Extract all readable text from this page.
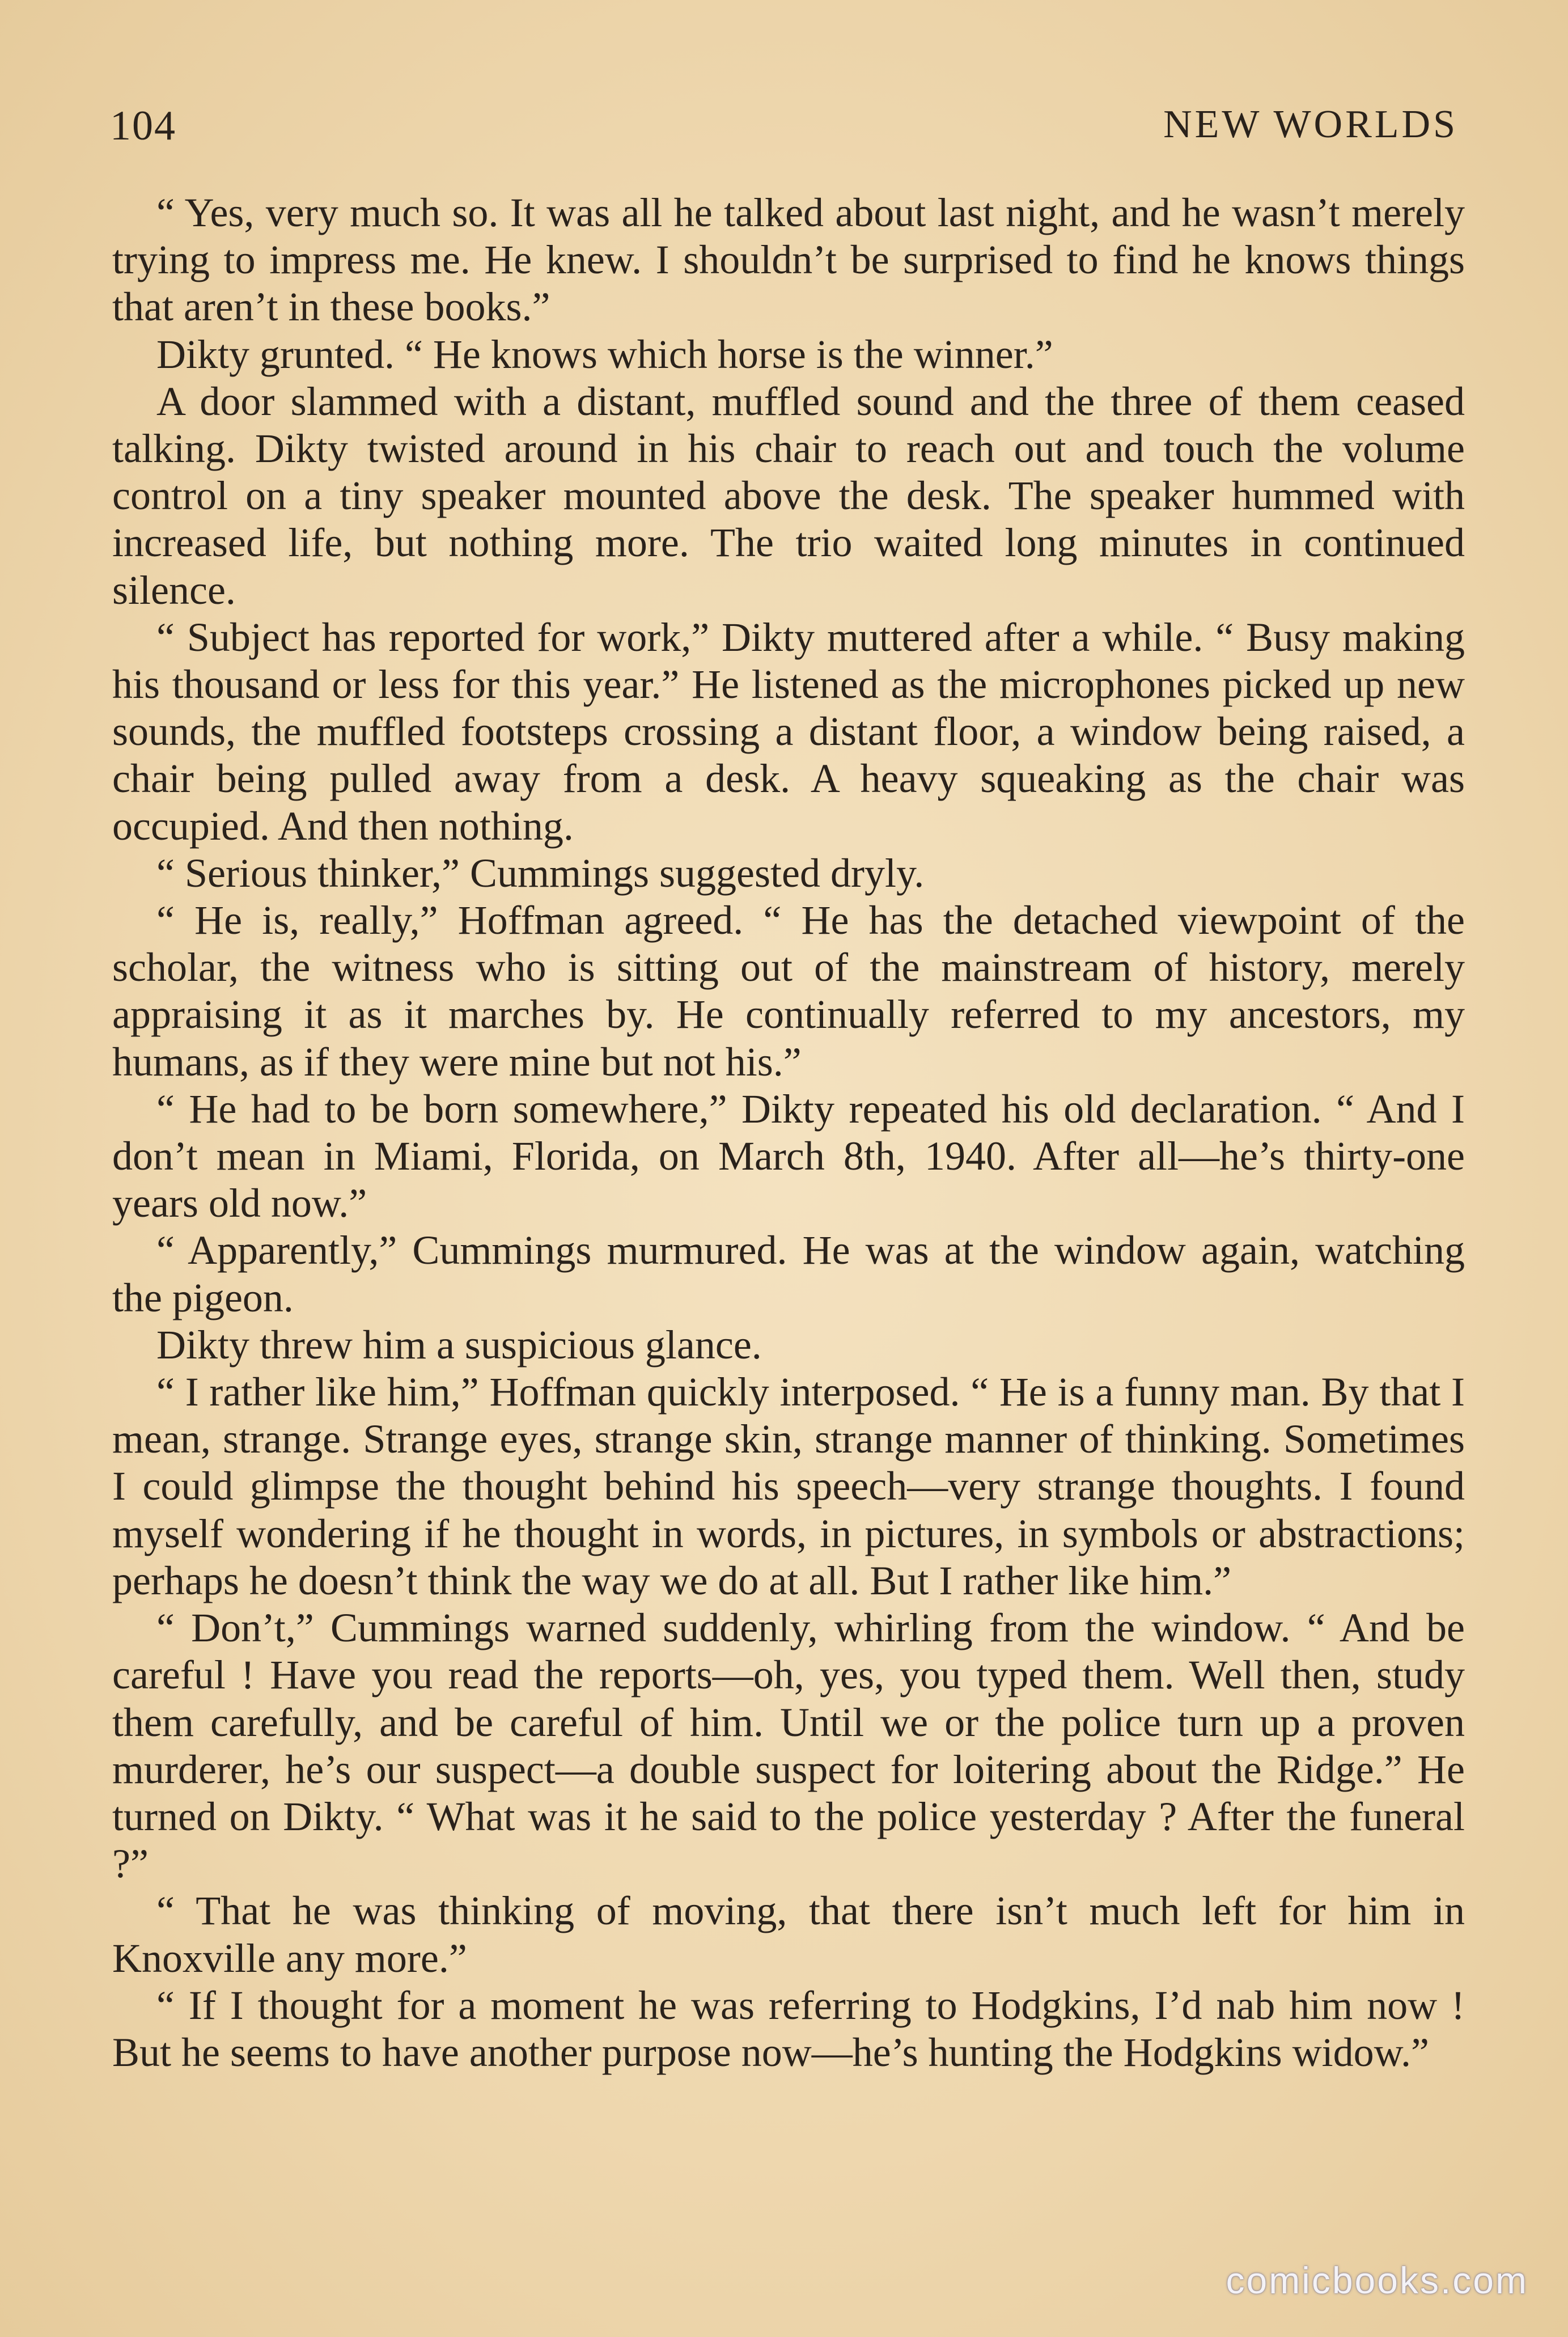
104	NEW WORLDS

“ Yes, very much so. It was all he talked about last night, and he wasn’t merely trying to impress me. He knew. I shouldn’t be surprised to find he knows things that aren’t in these books.”

Dikty grunted. “ He knows which horse is the winner.”

A door slammed with a distant, muffled sound and the three of them ceased talking. Dikty twisted around in his chair to reach out and touch the volume control on a tiny speaker mounted above the desk. The speaker hummed with increased life, but nothing more. The trio waited long minutes in continued silence.

“ Subject has reported for work,” Dikty muttered after a while. “ Busy making his thousand or less for this year.” He listened as the microphones picked up new sounds, the muffled footsteps crossing a distant floor, a window being raised, a chair being pulled away from a desk. A heavy squeaking as the chair was occupied. And then nothing.

“ Serious thinker,” Cummings suggested dryly.

“ He is, really,” Hoffman agreed. “ He has the detached viewpoint of the scholar, the witness who is sitting out of the mainstream of history, merely appraising it as it marches by. He continually referred to my ancestors, my humans, as if they were mine but not his.”

“ He had to be born somewhere,” Dikty repeated his old declaration. “ And I don’t mean in Miami, Florida, on March 8th, 1940. After all—he’s thirty-one years old now.”

“ Apparently,” Cummings murmured. He was at the window again, watching the pigeon.

Dikty threw him a suspicious glance.

“ I rather like him,” Hoffman quickly interposed. “ He is a funny man. By that I mean, strange. Strange eyes, strange skin, strange manner of thinking. Sometimes I could glimpse the thought behind his speech—very strange thoughts. I found myself wondering if he thought in words, in pictures, in symbols or abstractions; perhaps he doesn’t think the way we do at all. But I rather like him.”

“ Don’t,” Cummings warned suddenly, whirling from the window. “ And be careful ! Have you read the reports—oh, yes, you typed them. Well then, study them carefully, and be careful of him. Until we or the police turn up a proven murderer, he’s our suspect—a double suspect for loitering about the Ridge.” He turned on Dikty. “ What was it he said to the police yesterday ? After the funeral ?”

“ That he was thinking of moving, that there isn’t much left for him in Knoxville any more.”

“ If I thought for a moment he was referring to Hodgkins, I’d nab him now ! But he seems to have another purpose now—he’s hunting the Hodgkins widow.”

comicbooks.com
